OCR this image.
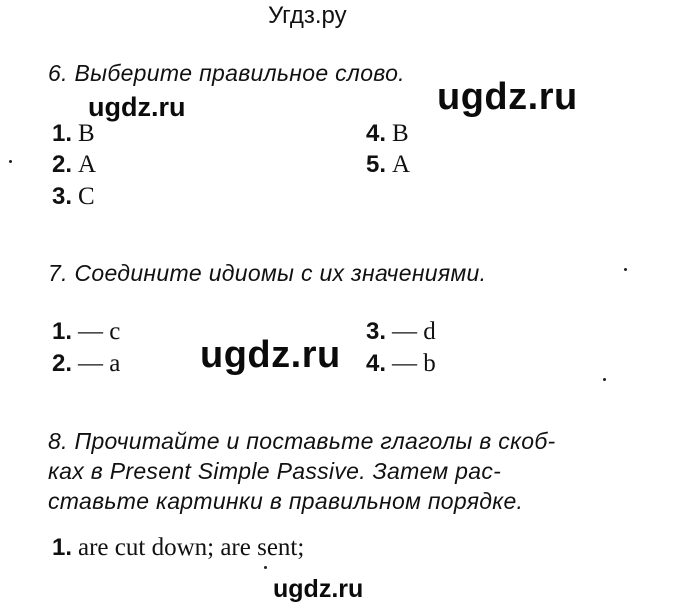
Угдз.ру
6. Выберите правильное слово.
ugdz.ru	ugdz.ru
1. B
2. A
3. C
4. B
5. A
7. Соедините идиомы с их значениями.
1. — c
2. — a
3. — d
4. — b
ugdz.ru
8. Прочитайте и поставьте глаголы в скоб-
ках в Present Simple Passive. Затем рас-
ставьте картинки в правильном порядке.
1. are cut down; are sent;
ugdz.ru
